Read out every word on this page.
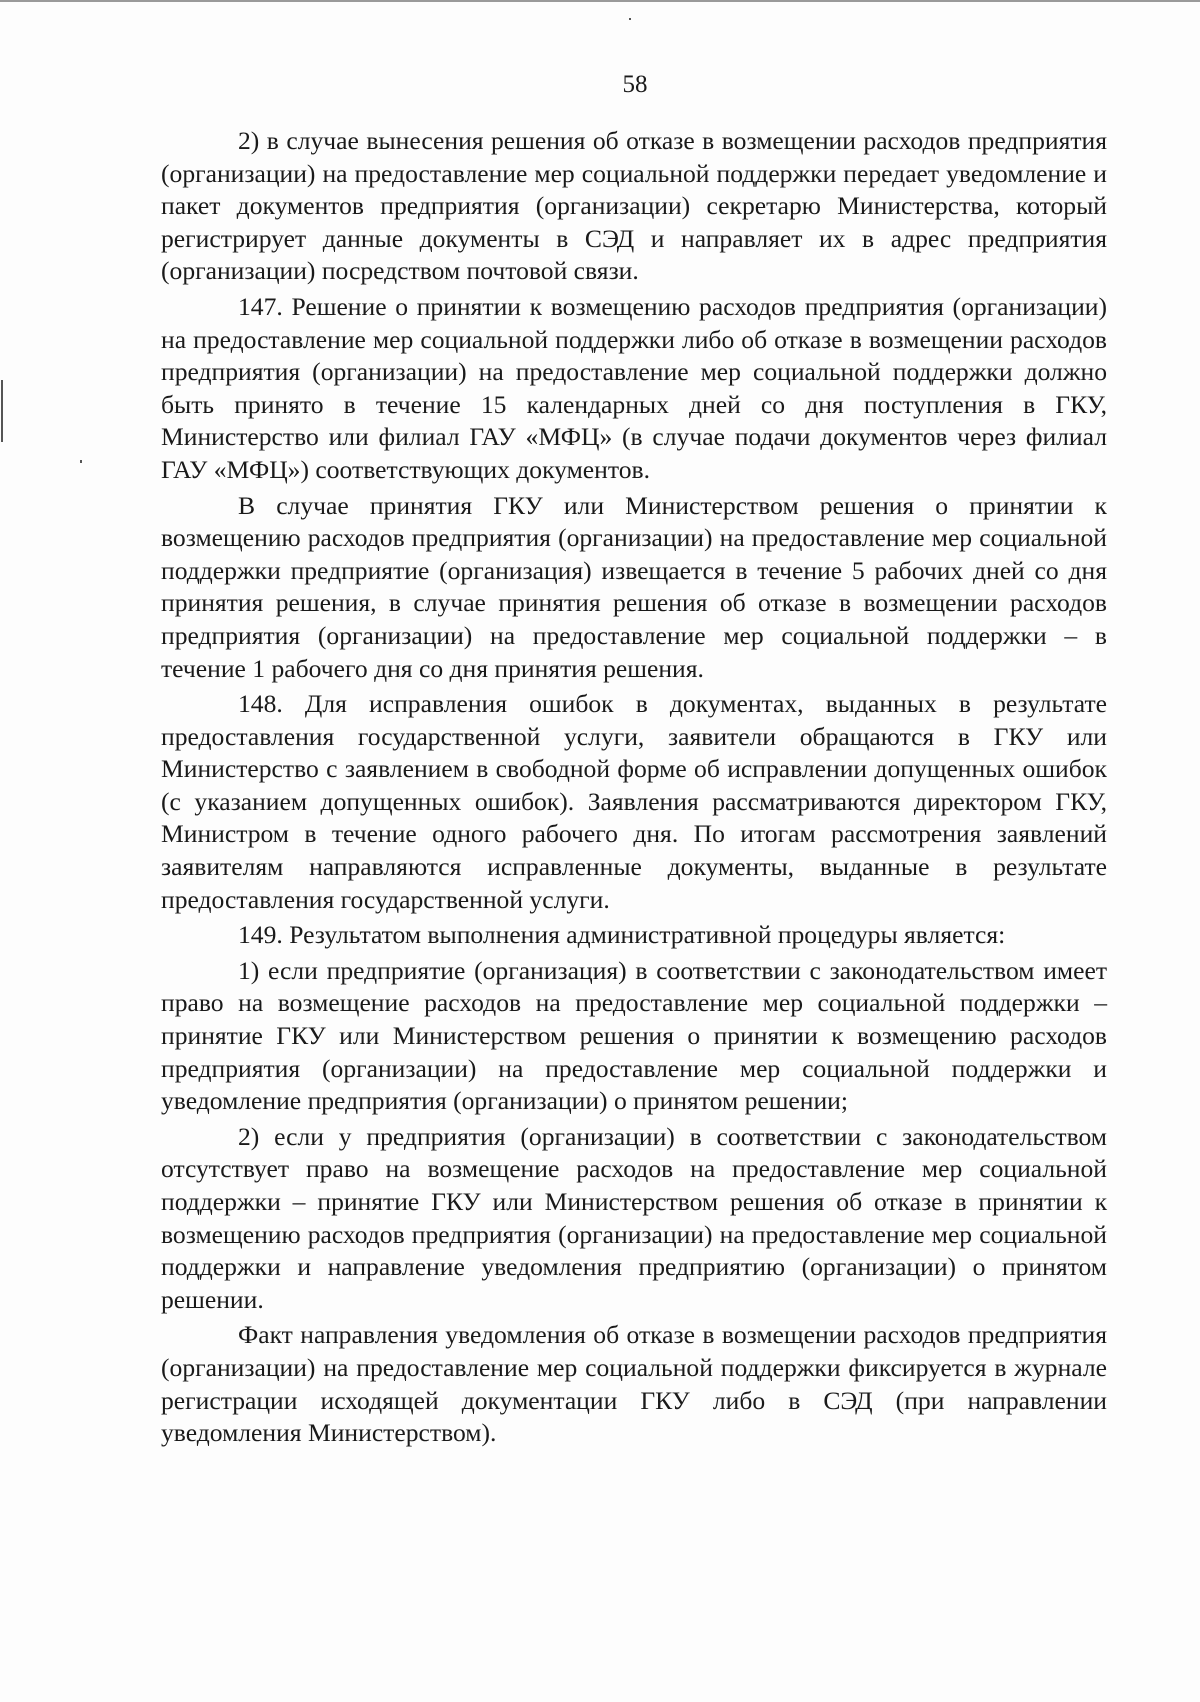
58

2) в случае вынесения решения об отказе в возмещении расходов предприятия (организации) на предоставление мер социальной поддержки передает уведомление и пакет документов предприятия (организации) секретарю Министерства, который регистрирует данные документы в СЭД и направляет их в адрес предприятия (организации) посредством почтовой связи.

147. Решение о принятии к возмещению расходов предприятия (организации) на предоставление мер социальной поддержки либо об отказе в возмещении расходов предприятия (организации) на предоставление мер социальной поддержки должно быть принято в течение 15 календарных дней со дня поступления в ГКУ, Министерство или филиал ГАУ «МФЦ» (в случае подачи документов через филиал ГАУ «МФЦ») соответствующих документов.

В случае принятия ГКУ или Министерством решения о принятии к возмещению расходов предприятия (организации) на предоставление мер социальной поддержки предприятие (организация) извещается в течение 5 рабочих дней со дня принятия решения, в случае принятия решения об отказе в возмещении расходов предприятия (организации) на предоставление мер социальной поддержки – в течение 1 рабочего дня со дня принятия решения.

148. Для исправления ошибок в документах, выданных в результате предоставления государственной услуги, заявители обращаются в ГКУ или Министерство с заявлением в свободной форме об исправлении допущенных ошибок (с указанием допущенных ошибок). Заявления рассматриваются директором ГКУ, Министром в течение одного рабочего дня. По итогам рассмотрения заявлений заявителям направляются исправленные документы, выданные в результате предоставления государственной услуги.

149. Результатом выполнения административной процедуры является:

1) если предприятие (организация) в соответствии с законодательством имеет право на возмещение расходов на предоставление мер социальной поддержки – принятие ГКУ или Министерством решения о принятии к возмещению расходов предприятия (организации) на предоставление мер социальной поддержки и уведомление предприятия (организации) о принятом решении;

2) если у предприятия (организации) в соответствии с законодательством отсутствует право на возмещение расходов на предоставление мер социальной поддержки – принятие ГКУ или Министерством решения об отказе в принятии к возмещению расходов предприятия (организации) на предоставление мер социальной поддержки и направление уведомления предприятию (организации) о принятом решении.

Факт направления уведомления об отказе в возмещении расходов предприятия (организации) на предоставление мер социальной поддержки фиксируется в журнале регистрации исходящей документации ГКУ либо в СЭД (при направлении уведомления Министерством).
